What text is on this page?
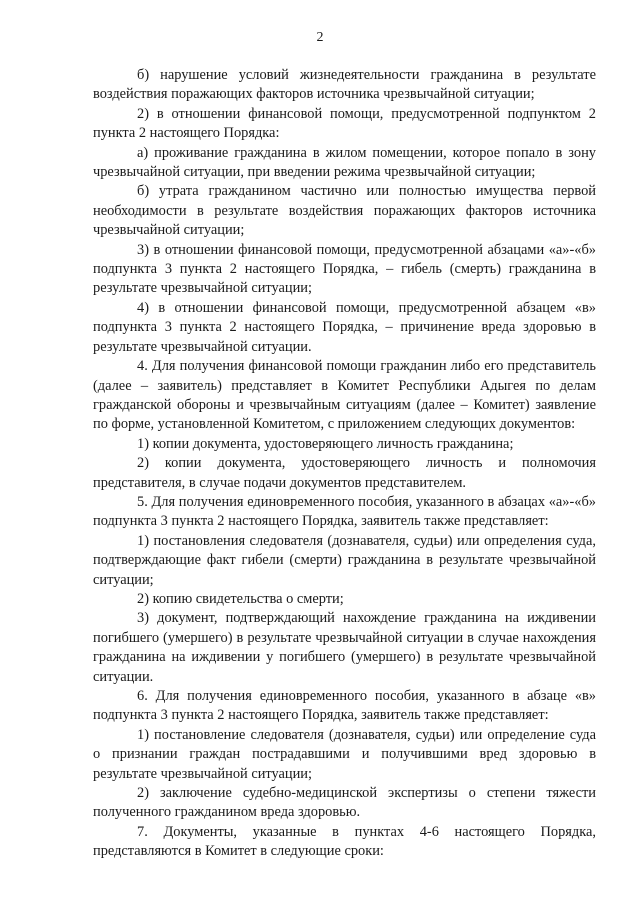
2

б) нарушение условий жизнедеятельности гражданина в результате воздействия поражающих факторов источника чрезвычайной ситуации;

2) в отношении финансовой помощи, предусмотренной подпунктом 2 пункта 2 настоящего Порядка:

а) проживание гражданина в жилом помещении, которое попало в зону чрезвычайной ситуации, при введении режима чрезвычайной ситуации;

б) утрата гражданином частично или полностью имущества первой необходимости в результате воздействия поражающих факторов источника чрезвычайной ситуации;

3) в отношении финансовой помощи, предусмотренной абзацами «а»-«б» подпункта 3 пункта 2 настоящего Порядка, – гибель (смерть) гражданина в результате чрезвычайной ситуации;

4) в отношении финансовой помощи, предусмотренной абзацем «в» подпункта 3 пункта 2 настоящего Порядка, – причинение вреда здоровью в результате чрезвычайной ситуации.

4. Для получения финансовой помощи гражданин либо его представитель (далее – заявитель) представляет в Комитет Республики Адыгея по делам гражданской обороны и чрезвычайным ситуациям (далее – Комитет) заявление по форме, установленной Комитетом, с приложением следующих документов:

1) копии документа, удостоверяющего личность гражданина;

2) копии документа, удостоверяющего личность и полномочия представителя, в случае подачи документов представителем.

5. Для получения единовременного пособия, указанного в абзацах «а»-«б» подпункта 3 пункта 2 настоящего Порядка, заявитель также представляет:

1) постановления следователя (дознавателя, судьи) или определения суда, подтверждающие факт гибели (смерти) гражданина в результате чрезвычайной ситуации;

2) копию свидетельства о смерти;

3) документ, подтверждающий нахождение гражданина на иждивении погибшего (умершего) в результате чрезвычайной ситуации в случае нахождения гражданина на иждивении у погибшего (умершего) в результате чрезвычайной ситуации.

6. Для получения единовременного пособия, указанного в абзаце «в» подпункта 3 пункта 2 настоящего Порядка, заявитель также представляет:

1) постановление следователя (дознавателя, судьи) или определение суда о признании граждан пострадавшими и получившими вред здоровью в результате чрезвычайной ситуации;

2) заключение судебно-медицинской экспертизы о степени тяжести полученного гражданином вреда здоровью.

7. Документы, указанные в пунктах 4-6 настоящего Порядка, представляются в Комитет в следующие сроки:
